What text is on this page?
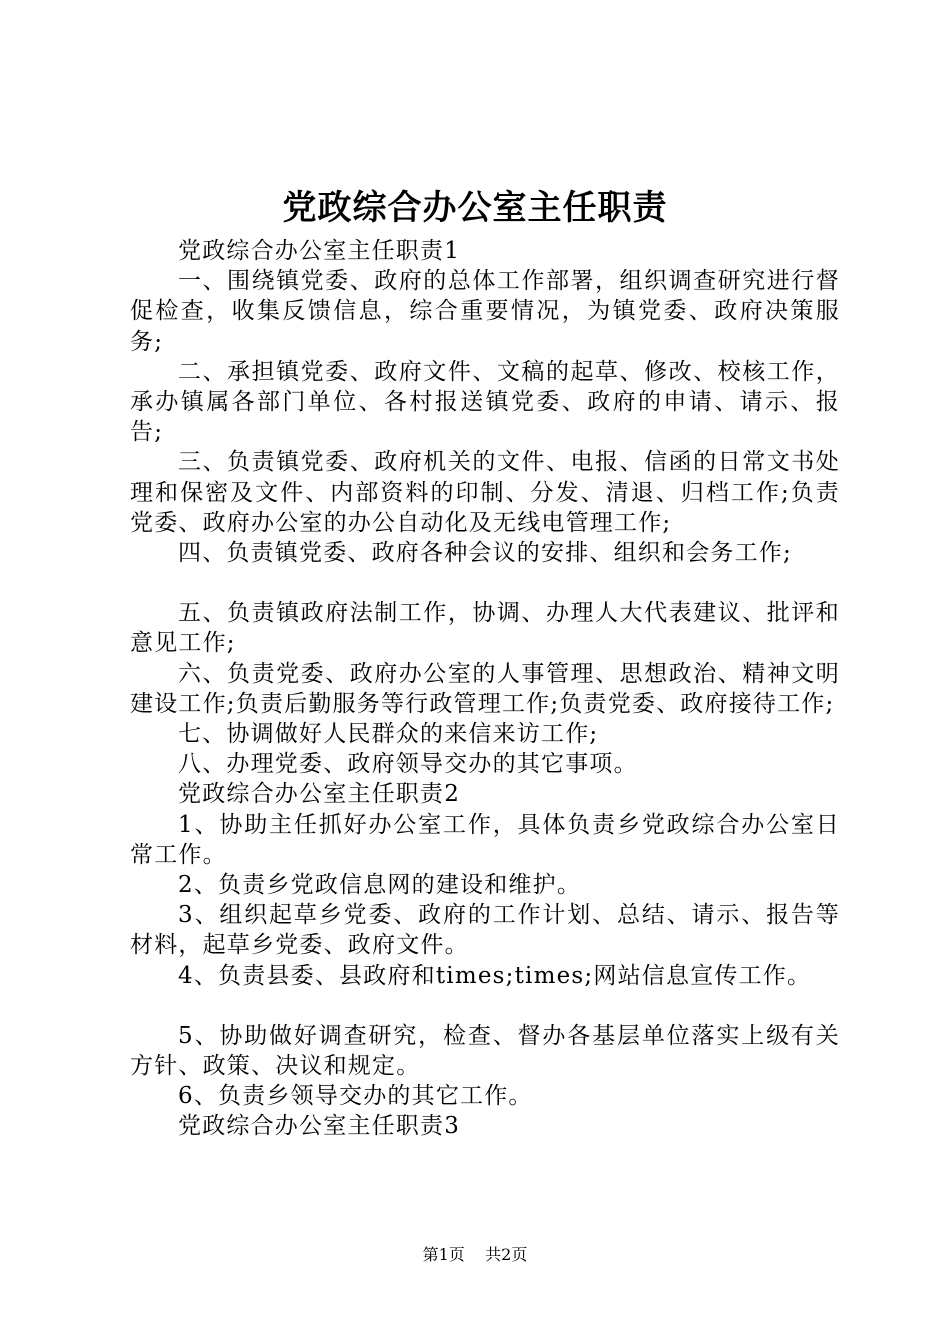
党政综合办公室主任职责

党政综合办公室主任职责1

一、围绕镇党委、政府的总体工作部署，组织调查研究进行督促检查，收集反馈信息，综合重要情况，为镇党委、政府决策服务;

二、承担镇党委、政府文件、文稿的起草、修改、校核工作，承办镇属各部门单位、各村报送镇党委、政府的申请、请示、报告;

三、负责镇党委、政府机关的文件、电报、信函的日常文书处理和保密及文件、内部资料的印制、分发、清退、归档工作;负责党委、政府办公室的办公自动化及无线电管理工作;

四、负责镇党委、政府各种会议的安排、组织和会务工作;

五、负责镇政府法制工作，协调、办理人大代表建议、批评和意见工作;

六、负责党委、政府办公室的人事管理、思想政治、精神文明建设工作;负责后勤服务等行政管理工作;负责党委、政府接待工作;

七、协调做好人民群众的来信来访工作;

八、办理党委、政府领导交办的其它事项。

党政综合办公室主任职责2

1、协助主任抓好办公室工作，具体负责乡党政综合办公室日常工作。

2、负责乡党政信息网的建设和维护。

3、组织起草乡党委、政府的工作计划、总结、请示、报告等材料，起草乡党委、政府文件。

4、负责县委、县政府和times;times;网站信息宣传工作。

5、协助做好调查研究，检查、督办各基层单位落实上级有关方针、政策、决议和规定。

6、负责乡领导交办的其它工作。

党政综合办公室主任职责3

第1页 共2页
